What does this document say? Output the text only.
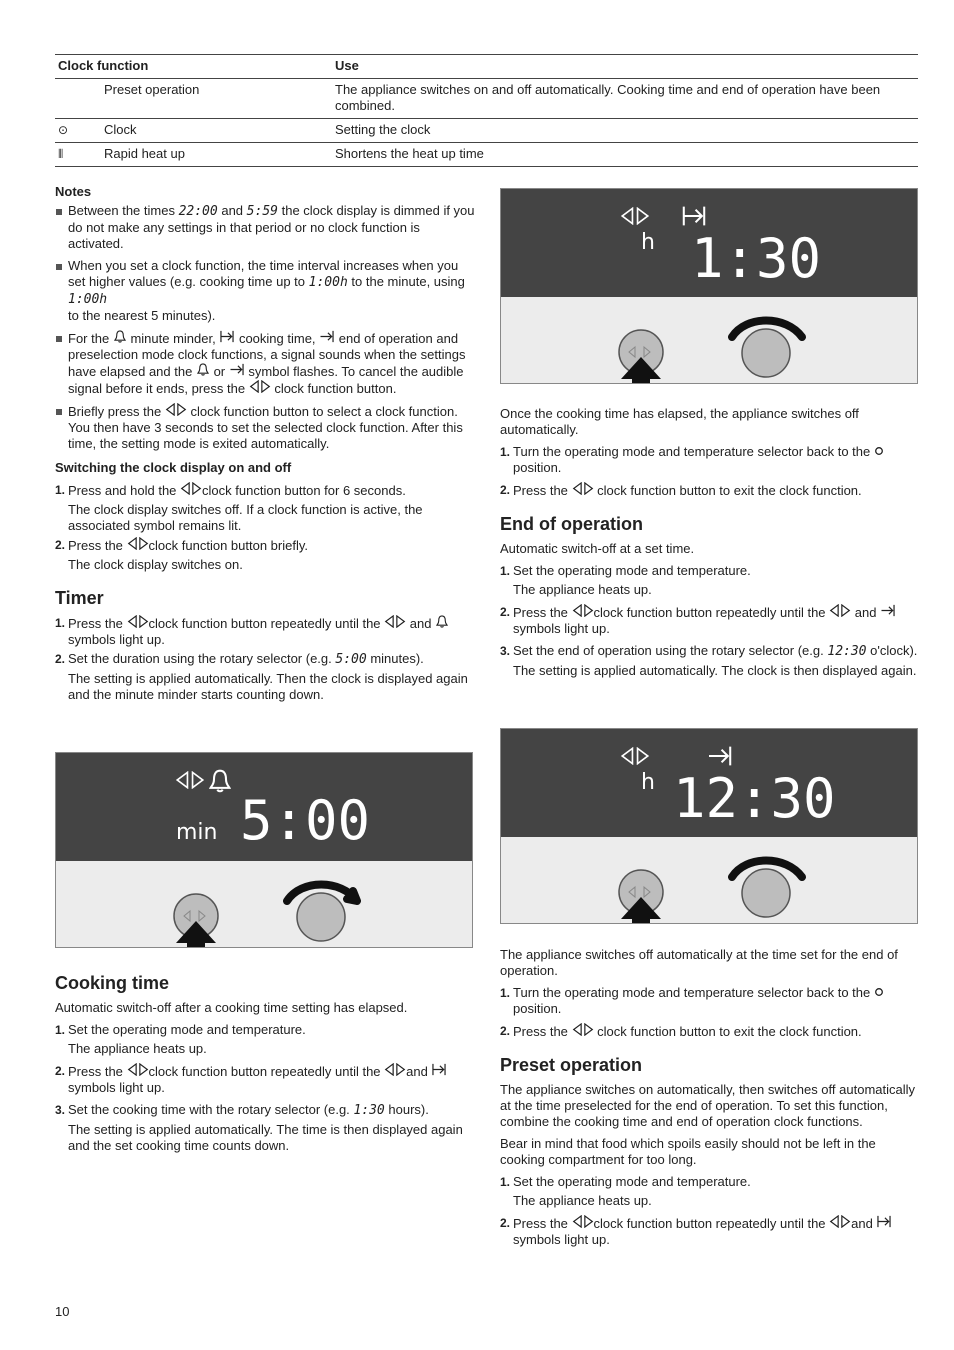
Clock function		Use
	Preset operation	The appliance switches on and off automatically. Cooking time and end of operation have been combined.
⊙	Clock	Setting the clock
⦀	Rapid heat up	Shortens the heat up time
Notes
Between the times 22:00 and 5:59 the clock display is dimmed if you do not make any settings in that period or no clock function is activated.
When you set a clock function, the time interval increases when you set higher values (e.g. cooking time up to 1:00h to the minute, using 1:00h
to the nearest 5 minutes).
For the minute minder, cooking time, end of operation and preselection mode clock functions, a signal sounds when the settings have elapsed and the or symbol flashes. To cancel the audible signal before it ends, press the clock function button.
Briefly press the clock function button to select a clock function. You then have 3 seconds to set the selected clock function. After this time, the setting mode is exited automatically.
Switching the clock display on and off
1. Press and hold the clock function button for 6 seconds.
The clock display switches off. If a clock function is active, the associated symbol remains lit.
2. Press the clock function button briefly.
The clock display switches on.
Timer
1. Press the clock function button repeatedly until the and  symbols light up.
2. Set the duration using the rotary selector (e.g. 5:00 minutes).
The setting is applied automatically. Then the clock is displayed again and the minute minder starts counting down.
min 5:00
Cooking time

Automatic switch-off after a cooking time setting has elapsed.

1. Set the operating mode and temperature.
The appliance heats up.
2. Press the clock function button repeatedly until the and  symbols light up.
3. Set the cooking time with the rotary selector (e.g. 1:30 hours).
The setting is applied automatically. The time is then displayed again and the set cooking time counts down.
h 1:30

Once the cooking time has elapsed, the appliance switches off automatically.

1. Turn the operating mode and temperature selector back to the  position.
2. Press the clock function button to exit the clock function.
End of operation

Automatic switch-off at a set time.

1. Set the operating mode and temperature.
The appliance heats up.
2. Press the clock function button repeatedly until the and  symbols light up.
3. Set the end of operation using the rotary selector (e.g. 12:30 o'clock).
The setting is applied automatically. The clock is then displayed again.
h 12:30

The appliance switches off automatically at the time set for the end of operation.

1. Turn the operating mode and temperature selector back to the  position.
2. Press the clock function button to exit the clock function.
Preset operation

The appliance switches on automatically, then switches off automatically at the time preselected for the end of operation. To set this function, combine the cooking time and end of operation clock functions.

Bear in mind that food which spoils easily should not be left in the cooking compartment for too long.

1. Set the operating mode and temperature.
The appliance heats up.
2. Press the clock function button repeatedly until the and  symbols light up.
10
